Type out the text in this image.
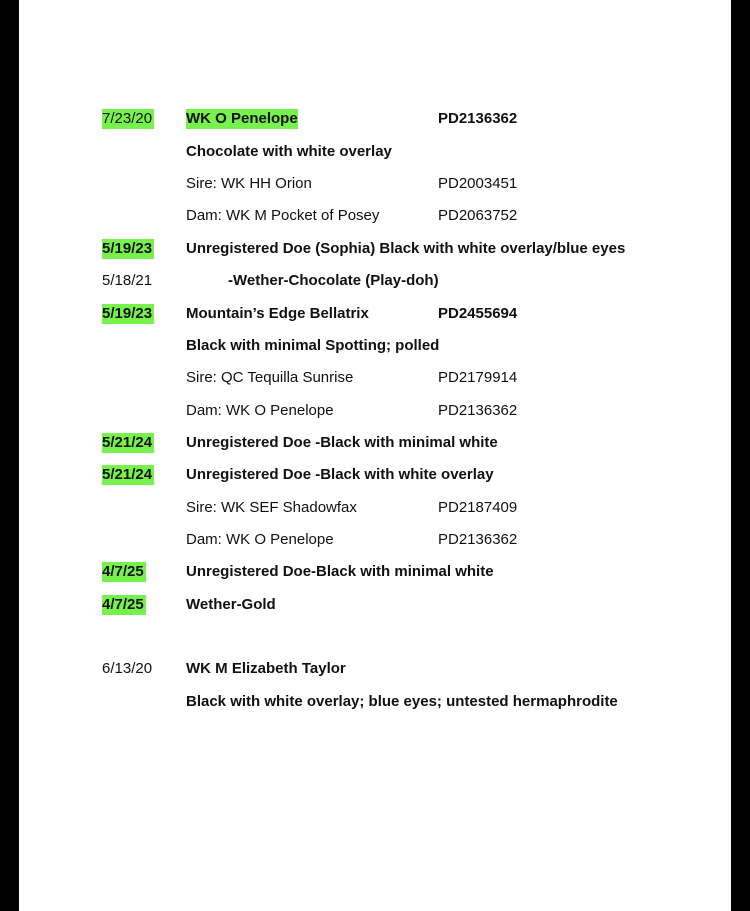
7/23/20 WK O Penelope	PD2136362
Chocolate with white overlay
Sire: WK HH Orion	PD2003451
Dam: WK M Pocket of Posey	PD2063752
5/19/23 Unregistered Doe (Sophia) Black with white overlay/blue eyes
5/18/21	-Wether-Chocolate (Play-doh)
5/19/23 Mountain’s Edge Bellatrix	PD2455694
Black with minimal Spotting; polled
Sire: QC Tequilla Sunrise	PD2179914
Dam: WK O Penelope	PD2136362
5/21/24 Unregistered Doe -Black with minimal white
5/21/24 Unregistered Doe -Black with white overlay
Sire: WK SEF Shadowfax	PD2187409
Dam: WK O Penelope	PD2136362
4/7/25	Unregistered Doe-Black with minimal white
4/7/25	Wether-Gold
6/13/20 WK M Elizabeth Taylor
Black with white overlay; blue eyes; untested hermaphrodite
